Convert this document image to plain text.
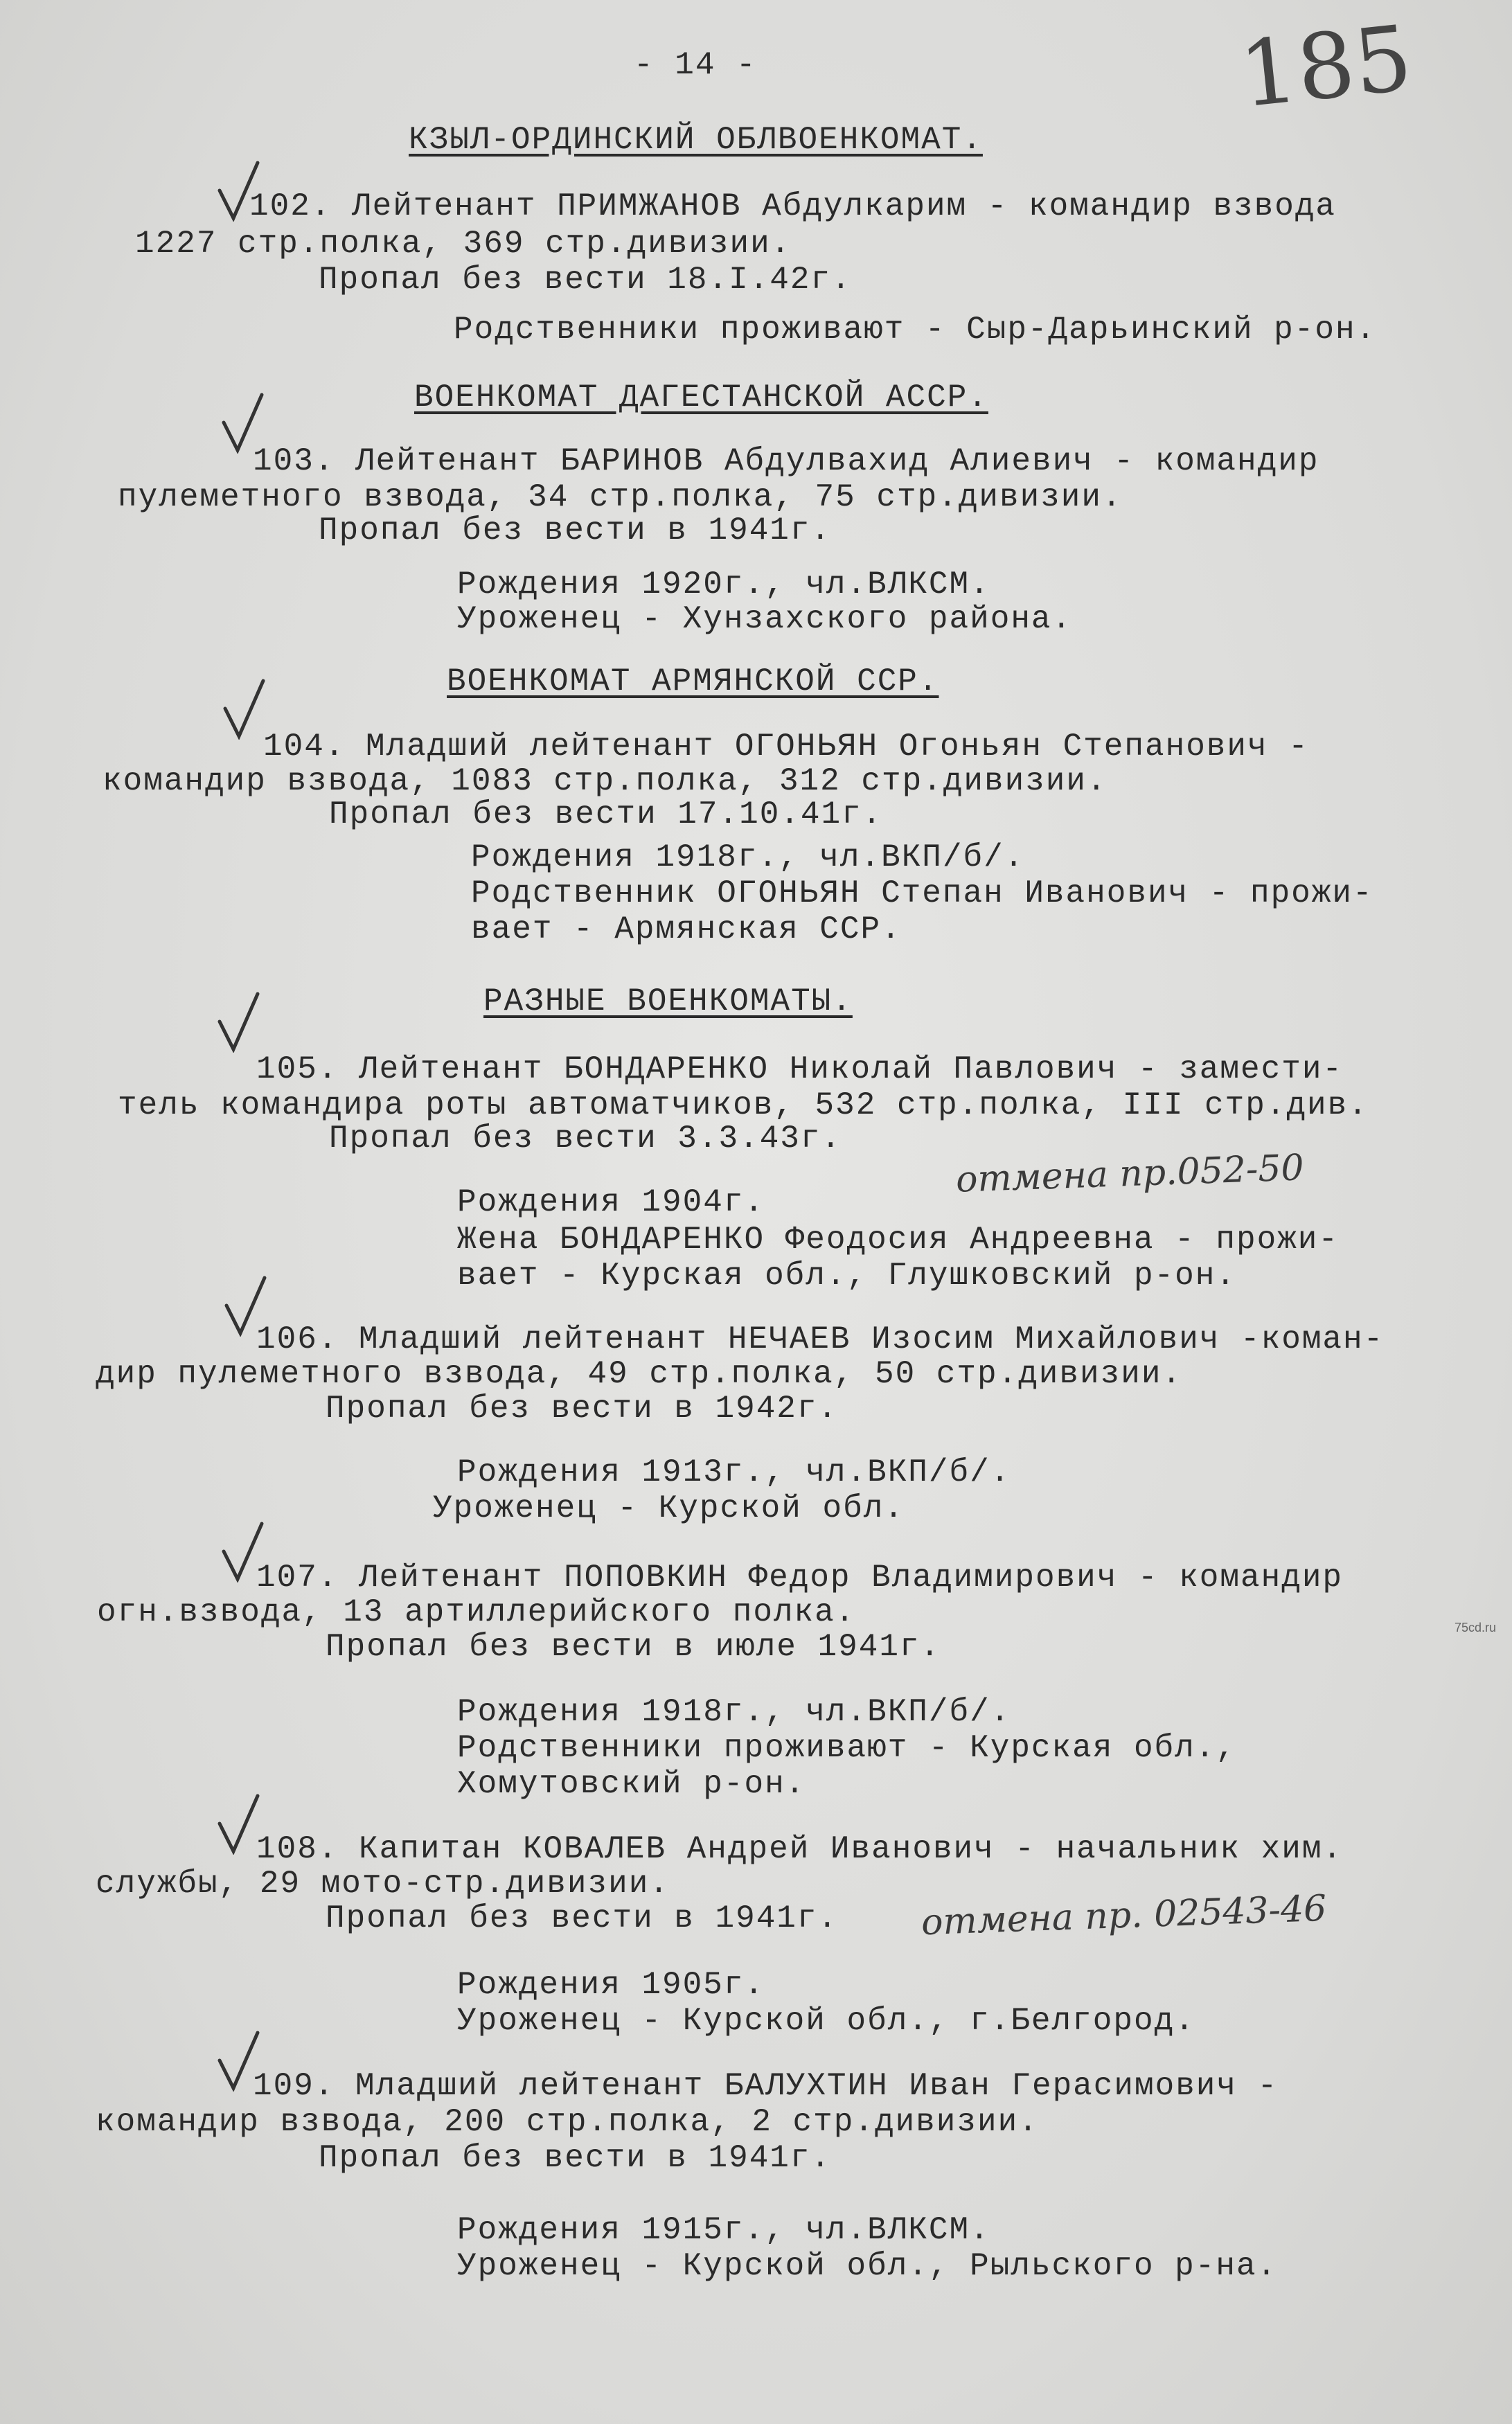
- 14 -	185
КЗЫЛ-ОРДИНСКИЙ ОБЛВОЕНКОМАТ.
102. Лейтенант ПРИМЖАНОВ Абдулкарим - командир взвода
1227 стр.полка, 369 стр.дивизии.
Пропал без вести 18.I.42г.
Родственники проживают - Сыр-Дарьинский р-он.
ВОЕНКОМАТ ДАГЕСТАНСКОЙ АССР.
103. Лейтенант БАРИНОВ Абдулвахид Алиевич - командир
пулеметного взвода, 34 стр.полка, 75 стр.дивизии.
Пропал без вести в 1941г.
Рождения 1920г., чл.ВЛКСМ.
Уроженец - Хунзахского района.
ВОЕНКОМАТ АРМЯНСКОЙ ССР.
104. Младший лейтенант ОГОНЬЯН Огоньян Степанович -
командир взвода, 1083 стр.полка, 312 стр.дивизии.
Пропал без вести 17.10.41г.
Рождения 1918г., чл.ВКП/б/.
Родственник ОГОНЬЯН Степан Иванович - прожи-
вает - Армянская ССР.
РАЗНЫЕ ВОЕНКОМАТЫ.
105. Лейтенант БОНДАРЕНКО Николай Павлович - замести-
тель командира роты автоматчиков, 532 стр.полка, III стр.див.
Пропал без вести 3.3.43г.
отмена пр.052-50
Рождения 1904г.
Жена БОНДАРЕНКО Феодосия Андреевна - прожи-
вает - Курская обл., Глушковский р-он.
106. Младший лейтенант НЕЧАЕВ Изосим Михайлович -коман-
дир пулеметного взвода, 49 стр.полка, 50 стр.дивизии.
Пропал без вести в 1942г.
Рождения 1913г., чл.ВКП/б/.
Уроженец - Курской обл.
107. Лейтенант ПОПОВКИН Федор Владимирович - командир
огн.взвода, 13 артиллерийского полка.
Пропал без вести в июле 1941г.
Рождения 1918г., чл.ВКП/б/.
Родственники проживают - Курская обл.,
Хомутовский р-он.
108. Капитан КОВАЛЕВ Андрей Иванович - начальник хим.
службы, 29 мото-стр.дивизии.
Пропал без вести в 1941г. отмена пр. 02543-46
Рождения 1905г.
Уроженец - Курской обл., г.Белгород.
109. Младший лейтенант БАЛУХТИН Иван Герасимович -
командир взвода, 200 стр.полка, 2 стр.дивизии.
Пропал без вести в 1941г.
Рождения 1915г., чл.ВЛКСМ.
Уроженец - Курской обл., Рыльского р-на.
75cd.ru
